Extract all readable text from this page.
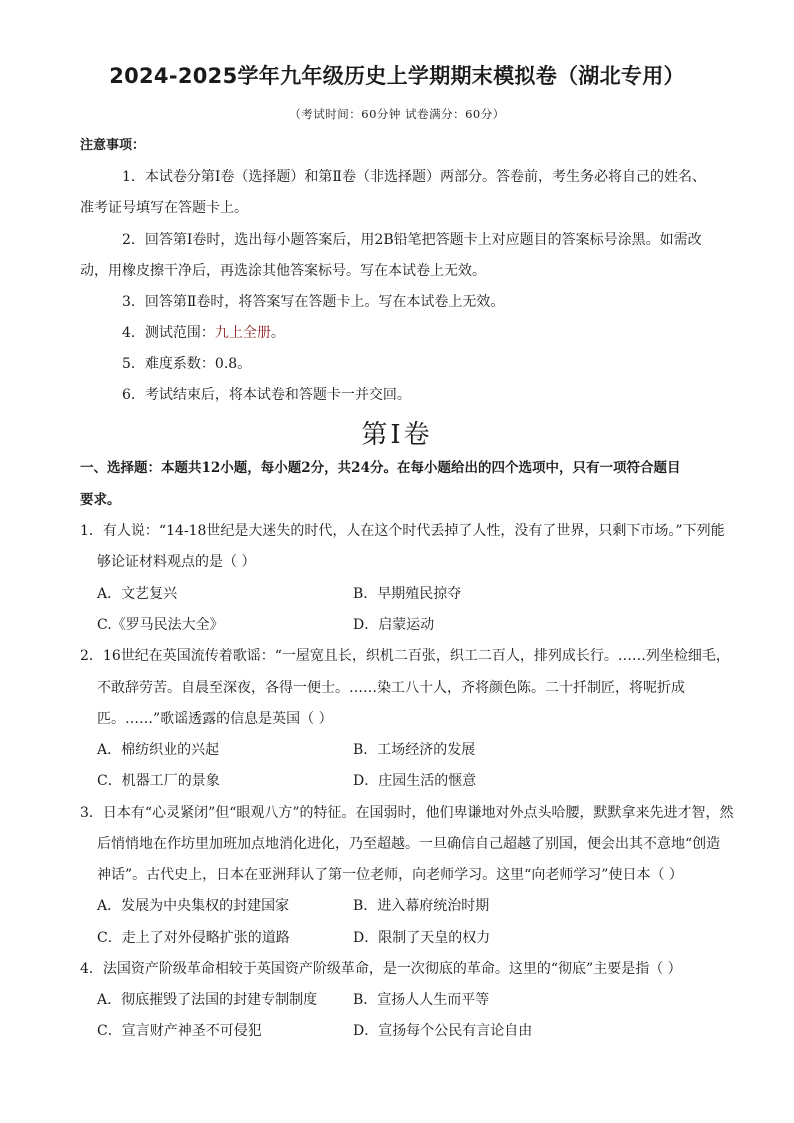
2024-2025学年九年级历史上学期期末模拟卷（湖北专用）
（考试时间：60分钟 试卷满分：60分）
注意事项：
1．本试卷分第Ⅰ卷（选择题）和第Ⅱ卷（非选择题）两部分。答卷前，考生务必将自己的姓名、
准考证号填写在答题卡上。
2．回答第Ⅰ卷时，选出每小题答案后，用2B铅笔把答题卡上对应题目的答案标号涂黑。如需改
动，用橡皮擦干净后，再选涂其他答案标号。写在本试卷上无效。
3．回答第Ⅱ卷时，将答案写在答题卡上。写在本试卷上无效。
4．测试范围：九上全册。
5．难度系数：0.8。
6．考试结束后，将本试卷和答题卡一并交回。
第Ⅰ卷
一、选择题：本题共12小题，每小题2分，共24分。在每小题给出的四个选项中，只有一项符合题目
要求。
1．有人说：“14-18世纪是大迷失的时代，人在这个时代丢掉了人性，没有了世界，只剩下市场。”下列能
够论证材料观点的是（ ）
A．文艺复兴	B．早期殖民掠夺
C.《罗马民法大全》	D．启蒙运动
2．16世纪在英国流传着歌谣：“一屋宽且长，织机二百张，织工二百人，排列成长行。……列坐检细毛，
不敢辞劳苦。自晨至深夜，各得一便士。……染工八十人，齐将颜色陈。二十扦制匠，将呢折成
匹。……”歌谣透露的信息是英国（ ）
A．棉纺织业的兴起	B．工场经济的发展
C．机器工厂的景象	D．庄园生活的惬意
3．日本有“心灵紧闭”但“眼观八方”的特征。在国弱时，他们卑谦地对外点头哈腰，默默拿来先进才智，然
后悄悄地在作坊里加班加点地消化进化，乃至超越。一旦确信自己超越了别国，便会出其不意地“创造
神话”。古代史上，日本在亚洲拜认了第一位老师，向老师学习。这里“向老师学习”使日本（ ）
A．发展为中央集权的封建国家	B．进入幕府统治时期
C．走上了对外侵略扩张的道路	D．限制了天皇的权力
4．法国资产阶级革命相较于英国资产阶级革命，是一次彻底的革命。这里的“彻底”主要是指（ ）
A．彻底摧毁了法国的封建专制制度	B．宣扬人人生而平等
C．宣言财产神圣不可侵犯	D．宣扬每个公民有言论自由
